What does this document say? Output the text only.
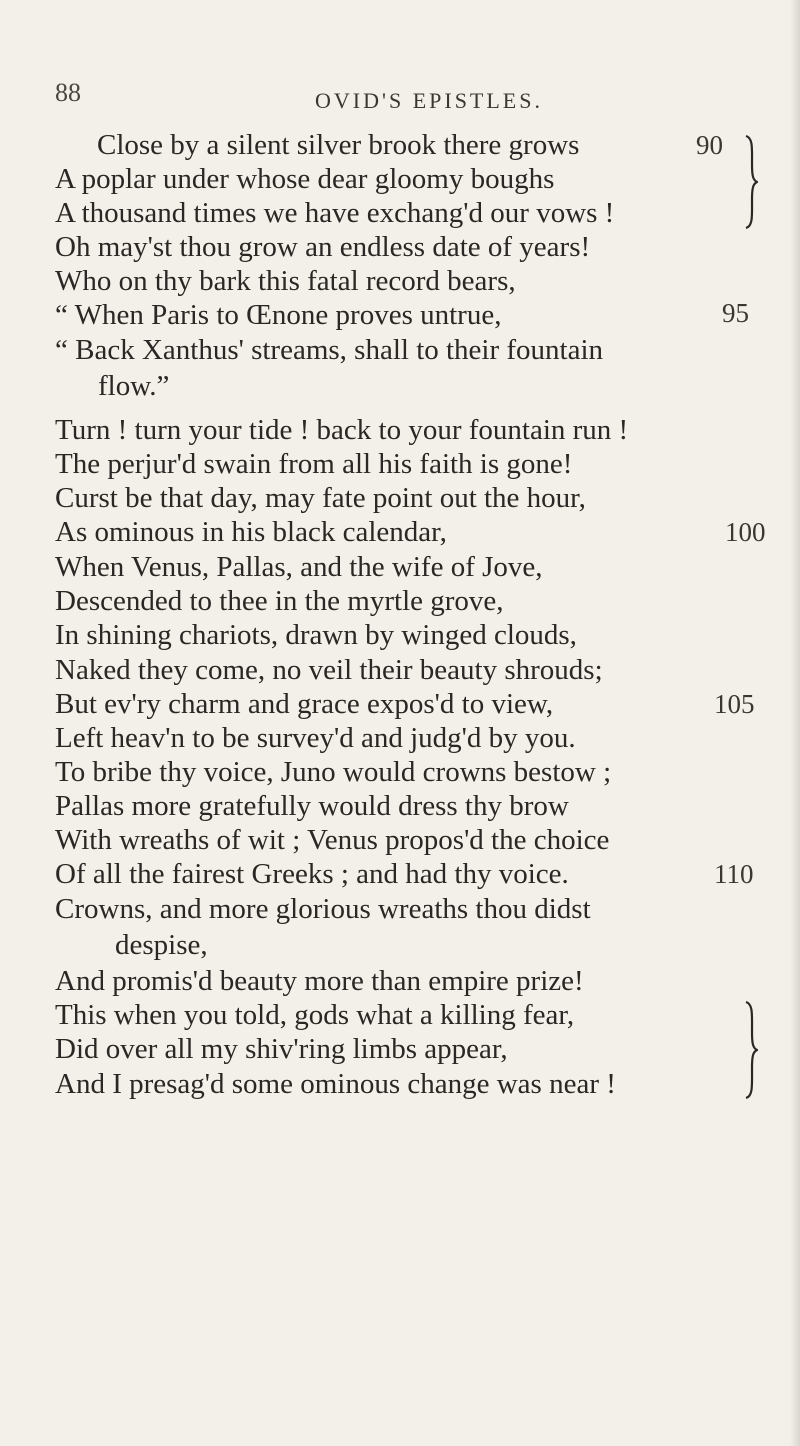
88	OVID'S EPISTLES.
Close by a silent silver brook there grows
A poplar under whose dear gloomy boughs
A thousand times we have exchang'd our vows !
Oh may'st thou grow an endless date of years!
Who on thy bark this fatal record bears,
“ When Paris to Œnone proves untrue,
“ Back Xanthus' streams, shall to their fountain
flow.”
Turn ! turn your tide ! back to your fountain run !
The perjur'd swain from all his faith is gone!
Curst be that day, may fate point out the hour,
As ominous in his black calendar,
When Venus, Pallas, and the wife of Jove,
Descended to thee in the myrtle grove,
In shining chariots, drawn by winged clouds,
Naked they come, no veil their beauty shrouds;
But ev'ry charm and grace expos'd to view,
Left heav'n to be survey'd and judg'd by you.
To bribe thy voice, Juno would crowns bestow ;
Pallas more gratefully would dress thy brow
With wreaths of wit ; Venus propos'd the choice
Of all the fairest Greeks ; and had thy voice.
Crowns, and more glorious wreaths thou didst
despise,
And promis'd beauty more than empire prize!
This when you told, gods what a killing fear,
Did over all my shiv'ring limbs appear,
And I presag'd some ominous change was near !
90
95
100
105
110
